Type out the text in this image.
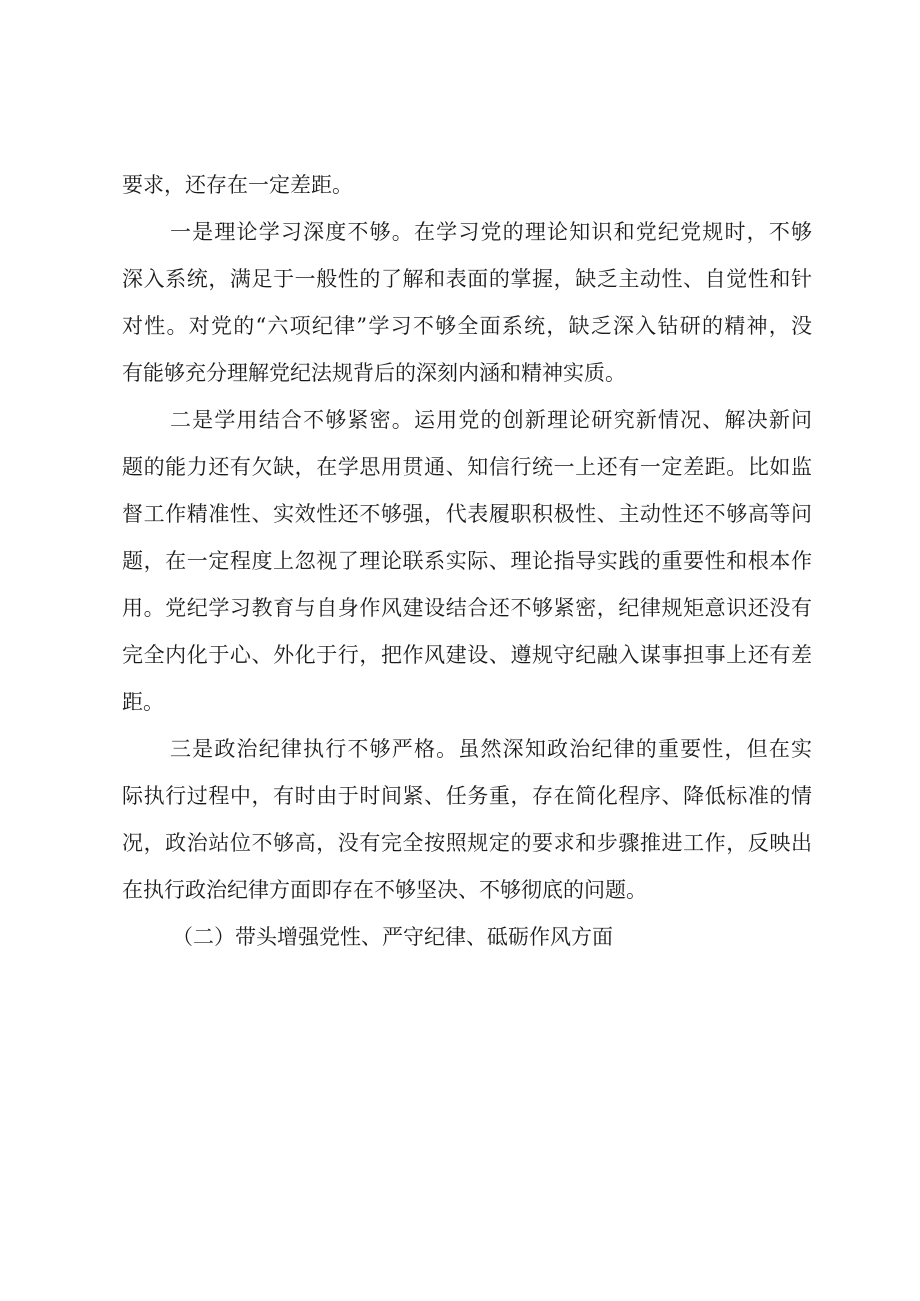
要求，还存在一定差距。
一是理论学习深度不够。在学习党的理论知识和党纪党规时，不够
深入系统，满足于一般性的了解和表面的掌握，缺乏主动性、自觉性和针
对性。对党的“六项纪律”学习不够全面系统，缺乏深入钻研的精神，没
有能够充分理解党纪法规背后的深刻内涵和精神实质。
二是学用结合不够紧密。运用党的创新理论研究新情况、解决新问
题的能力还有欠缺，在学思用贯通、知信行统一上还有一定差距。比如监
督工作精准性、实效性还不够强，代表履职积极性、主动性还不够高等问
题，在一定程度上忽视了理论联系实际、理论指导实践的重要性和根本作
用。党纪学习教育与自身作风建设结合还不够紧密，纪律规矩意识还没有
完全内化于心、外化于行，把作风建设、遵规守纪融入谋事担事上还有差
距。
三是政治纪律执行不够严格。虽然深知政治纪律的重要性，但在实
际执行过程中，有时由于时间紧、任务重，存在简化程序、降低标准的情
况，政治站位不够高，没有完全按照规定的要求和步骤推进工作，反映出
在执行政治纪律方面即存在不够坚决、不够彻底的问题。
（二）带头增强党性、严守纪律、砥砺作风方面
